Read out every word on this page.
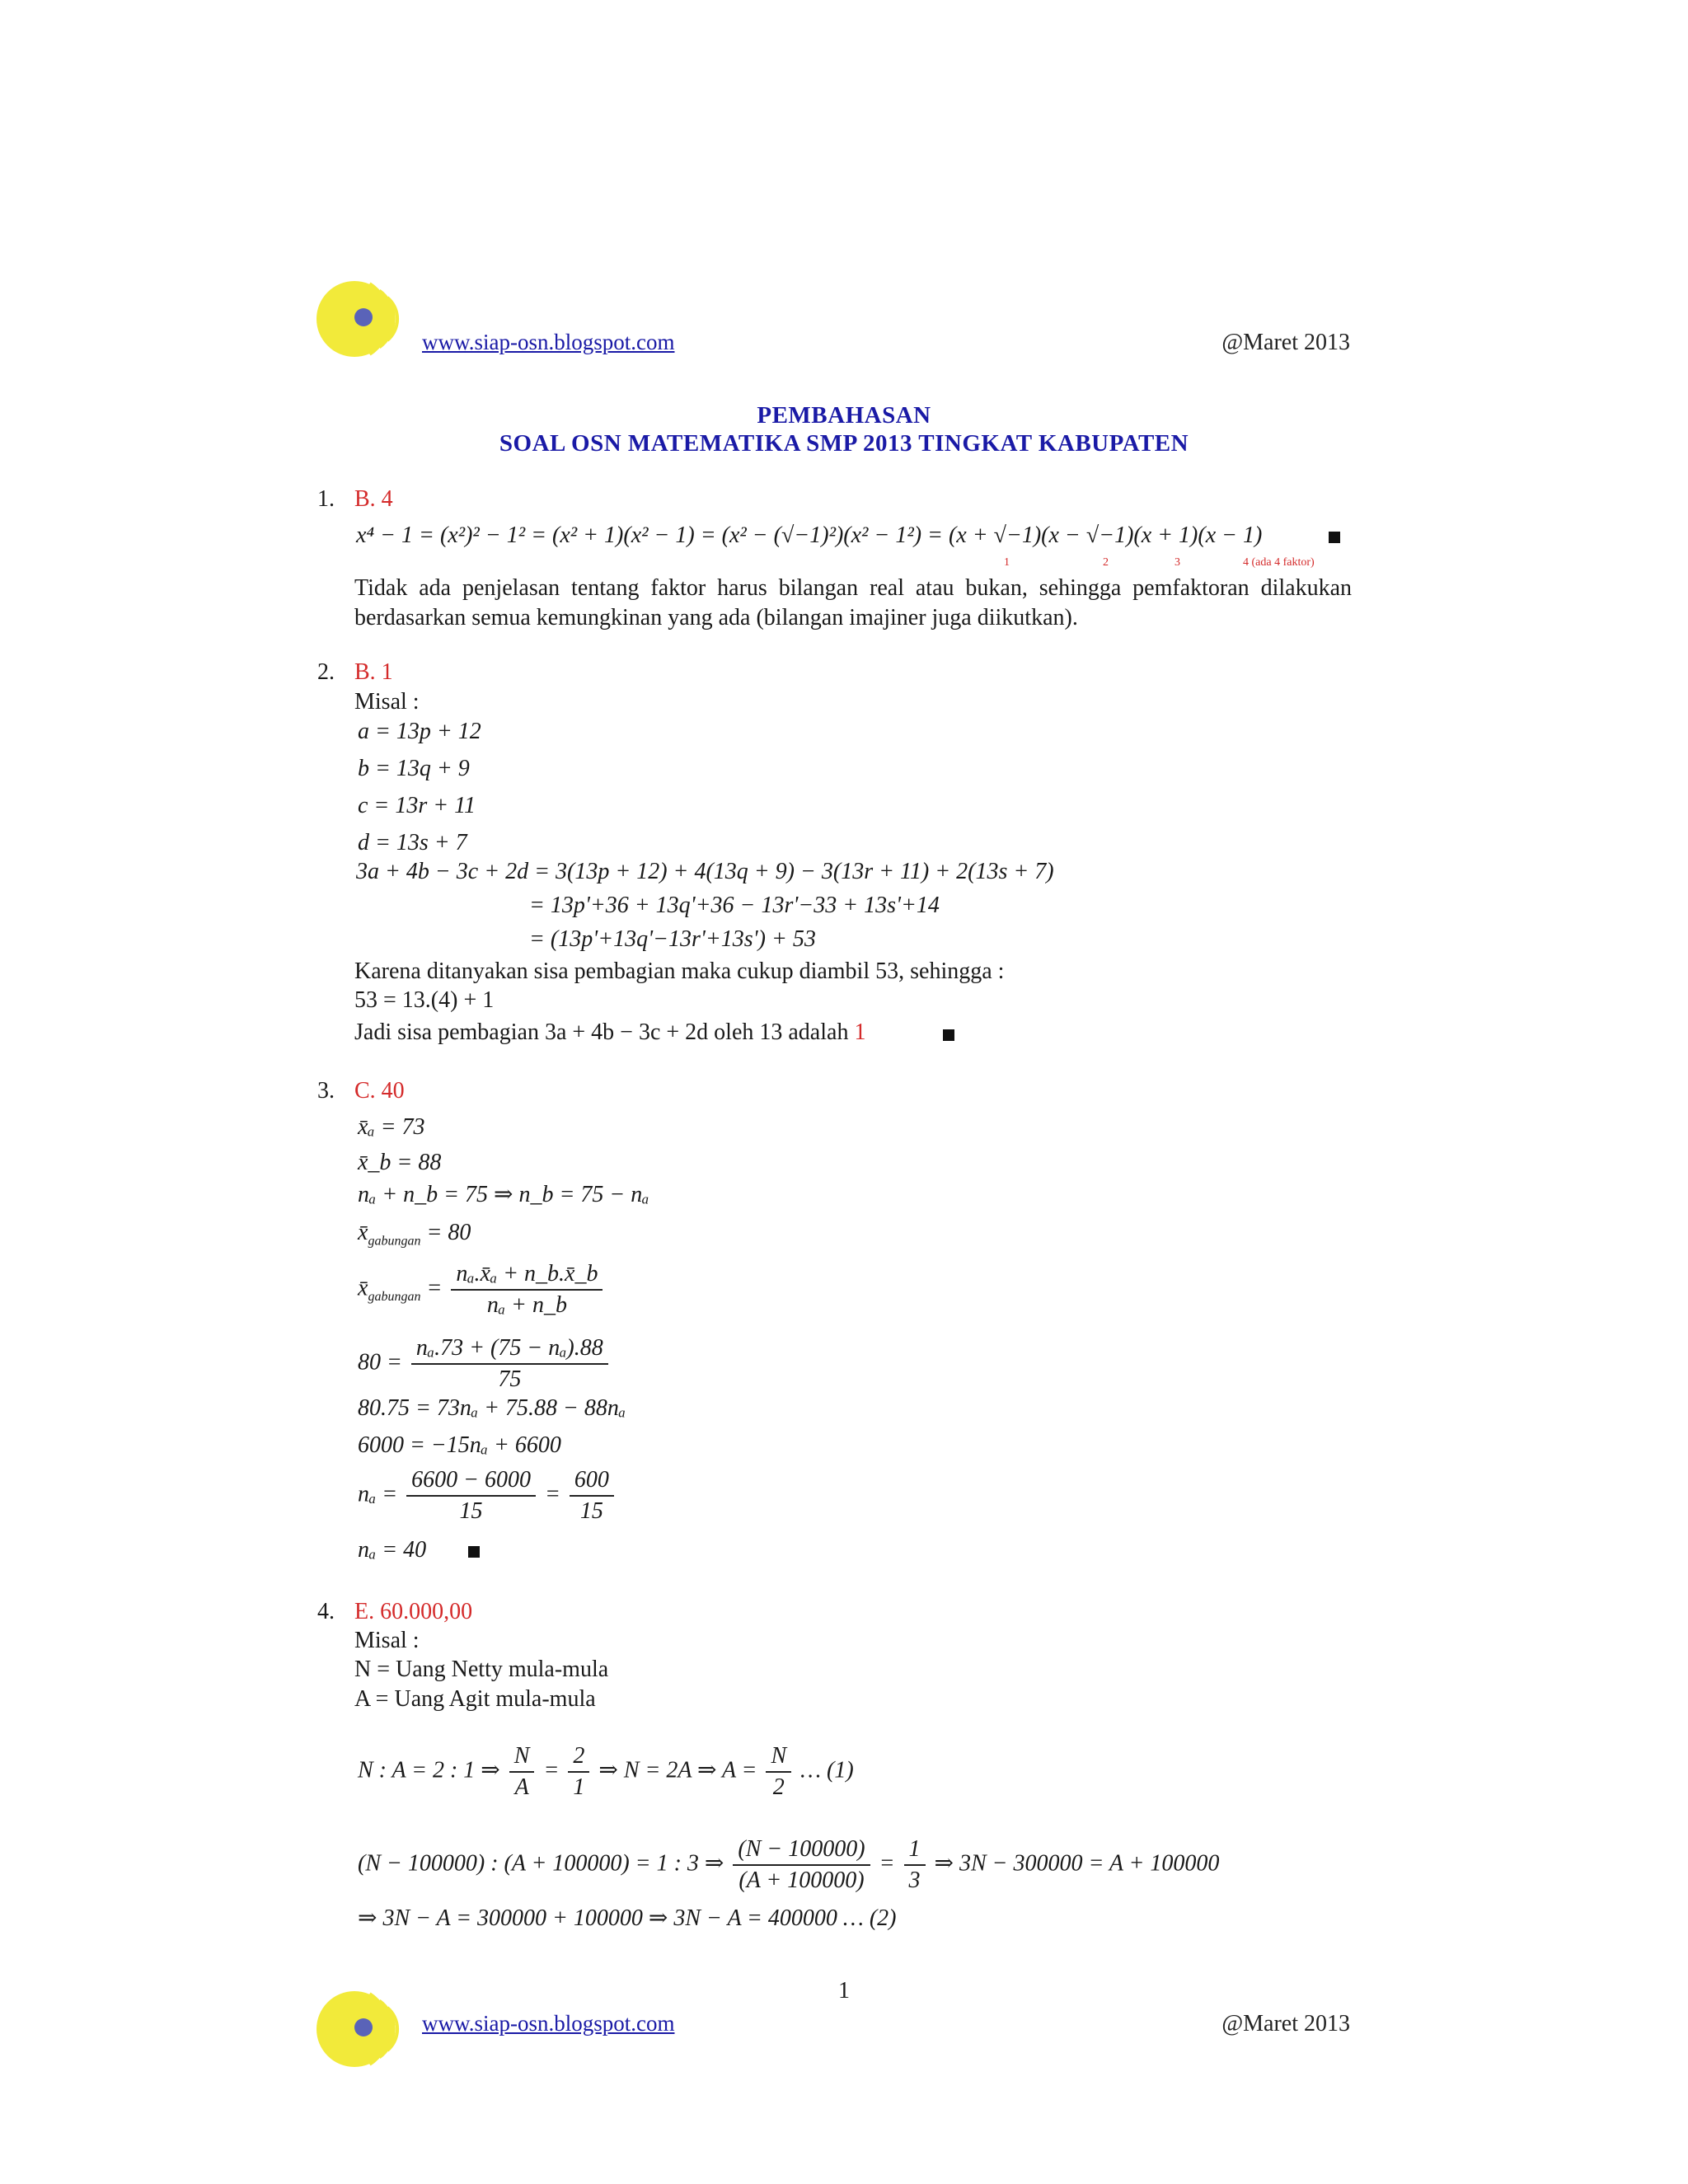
www.siap-osn.blogspot.com	@Maret 2013
PEMBAHASAN
SOAL OSN MATEMATIKA SMP 2013 TINGKAT KABUPATEN
1. B. 4
x⁴ − 1 = (x²)² − 1² = (x² + 1)(x² − 1) = (x² − (√−1)²)(x² − 1²) = (x + √−1)(x − √−1)(x + 1)(x − 1)
1	2	3	4 (ada 4 faktor)
Tidak ada penjelasan tentang faktor harus bilangan real atau bukan, sehingga pemfaktoran dilakukan berdasarkan semua kemungkinan yang ada (bilangan imajiner juga diikutkan).
2. B. 1
Misal :
a = 13p + 12
b = 13q + 9
c = 13r + 11
d = 13s + 7
3a + 4b − 3c + 2d = 3(13p + 12) + 4(13q + 9) − 3(13r + 11) + 2(13s + 7)
= 13p'+36 + 13q'+36 − 13r'−33 + 13s'+14
= (13p'+13q'−13r'+13s') + 53
Karena ditanyakan sisa pembagian maka cukup diambil 53, sehingga :
53 = 13.(4) + 1
Jadi sisa pembagian 3a + 4b − 3c + 2d oleh 13 adalah 1
3. C. 40
x̄ₐ = 73
x̄_b = 88
nₐ + n_b = 75 ⇒ n_b = 75 − nₐ
$x̄_{gabungan} = 80$
$x̄_{gabungan} = \frac{\text{nₐ.x̄ₐ + n\_b.x̄\_b}}{\text{nₐ + n\_b}}$
$80 = \frac{\text{nₐ.73 + (75 − nₐ).88}}{75}$
80.75 = 73nₐ + 75.88 − 88nₐ
6000 = −15nₐ + 6600
$n_a = \frac{6600 - 6000}{15} = \frac{600}{15}$
nₐ = 40
4. E. 60.000,00
Misal :
N = Uang Netty mula-mula
A = Uang Agit mula-mula
N : A = 2 : 1 ⇒ $\frac{N}{A} = \frac{2}{1}$ ⇒ N = 2A ⇒ $A = \frac{N}{2}$ … (1)
(N − 100000) : (A + 100000) = 1 : 3 ⇒ $\frac{(N - 100000)}{(A + 100000)} = \frac{1}{3}$ ⇒ 3N − 300000 = A + 100000
⇒ 3N − A = 300000 + 100000 ⇒ 3N − A = 400000 … (2)
1
www.siap-osn.blogspot.com	@Maret 2013
